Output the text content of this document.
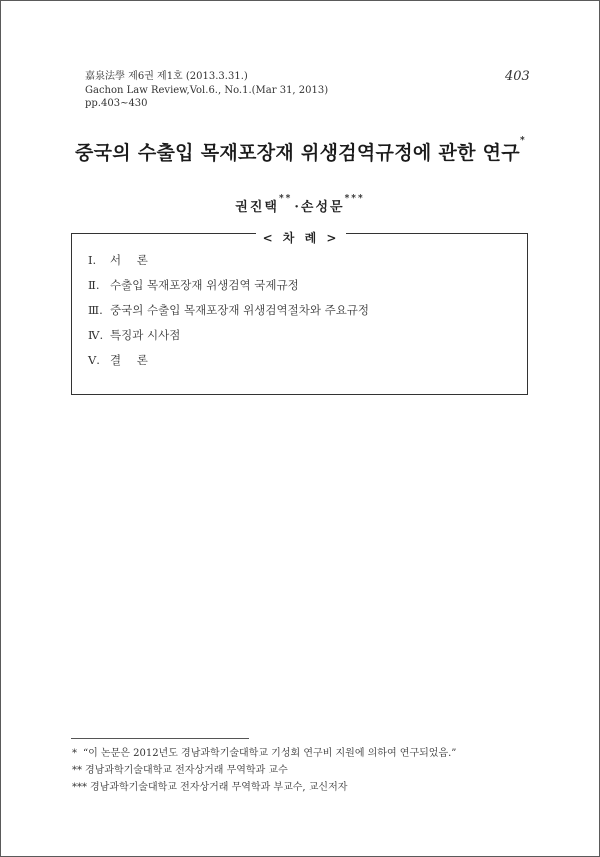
嘉泉法學 제6권 제1호 (2013.3.31.)
Gachon Law Review,Vol.6., No.1.(Mar 31, 2013)
pp.403~430
403
중국의 수출입 목재포장재 위생검역규정에 관한 연구*
권진택**· 손성문***
< 차 례 >
Ⅰ. 서 론
Ⅱ. 수출입 목재포장재 위생검역 국제규정
Ⅲ. 중국의 수출입 목재포장재 위생검역절차와 주요규정
Ⅳ. 특징과 시사점
Ⅴ. 결 론
* “이 논문은 2012년도 경남과학기술대학교 기성회 연구비 지원에 의하여 연구되었음.”
** 경남과학기술대학교 전자상거래 무역학과 교수
*** 경남과학기술대학교 전자상거래 무역학과 부교수, 교신저자
